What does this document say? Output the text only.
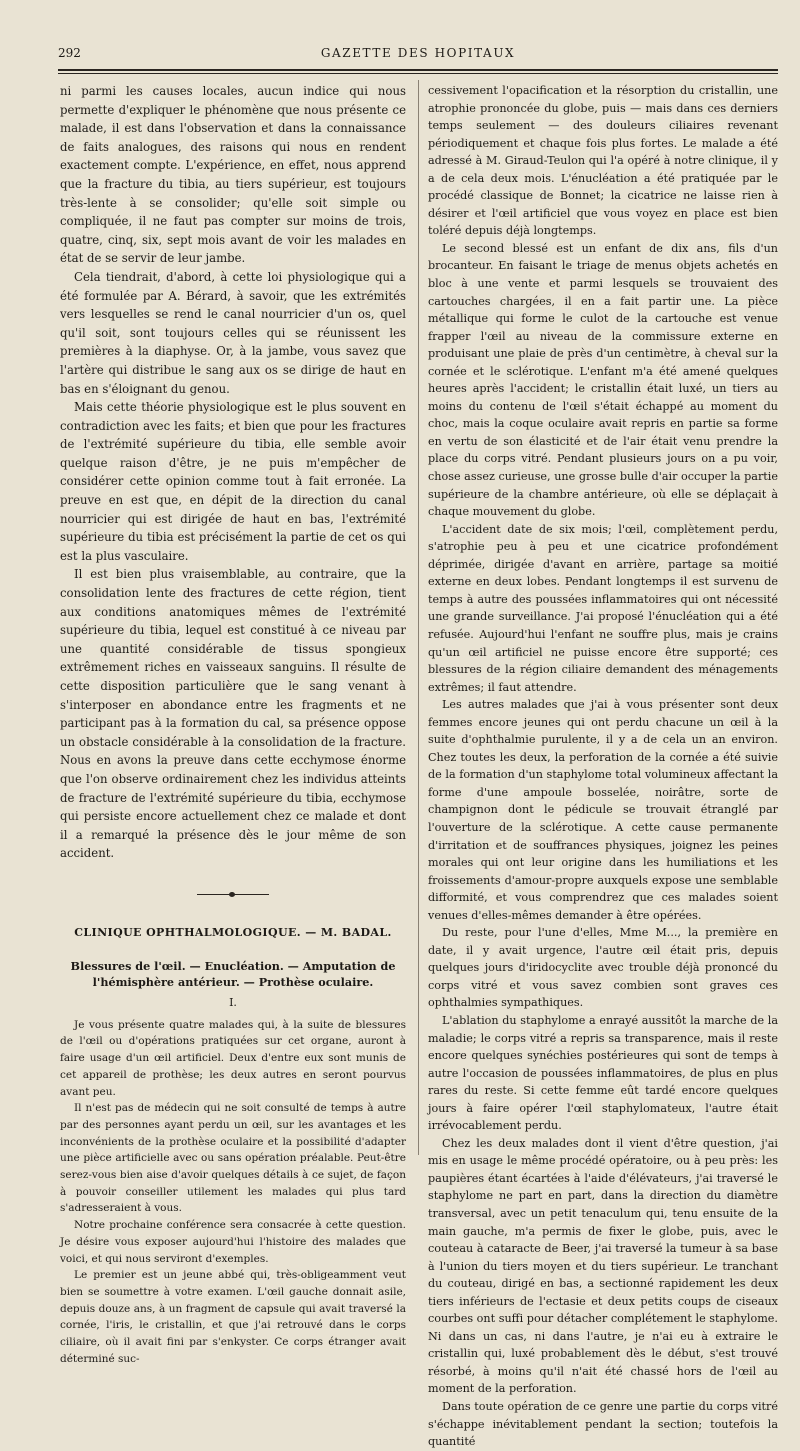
292	GAZETTE DES HOPITAUX

ni parmi les causes locales, aucun indice qui nous permette d'expliquer le phénomène que nous présente ce malade, il est dans l'observation et dans la connaissance de faits analogues, des raisons qui nous en rendent exactement compte. L'expérience, en effet, nous apprend que la fracture du tibia, au tiers supérieur, est toujours très-lente à se consolider; qu'elle soit simple ou compliquée, il ne faut pas compter sur moins de trois, quatre, cinq, six, sept mois avant de voir les malades en état de se servir de leur jambe.

Cela tiendrait, d'abord, à cette loi physiologique qui a été formulée par A. Bérard, à savoir, que les extrémités vers lesquelles se rend le canal nourricier d'un os, quel qu'il soit, sont toujours celles qui se réunissent les premières à la diaphyse. Or, à la jambe, vous savez que l'artère qui distribue le sang aux os se dirige de haut en bas en s'éloignant du genou.

Mais cette théorie physiologique est le plus souvent en contradiction avec les faits; et bien que pour les fractures de l'extrémité supérieure du tibia, elle semble avoir quelque raison d'être, je ne puis m'empêcher de considérer cette opinion comme tout à fait erronée. La preuve en est que, en dépit de la direction du canal nourricier qui est dirigée de haut en bas, l'extrémité supérieure du tibia est précisément la partie de cet os qui est la plus vasculaire.

Il est bien plus vraisemblable, au contraire, que la consolidation lente des fractures de cette région, tient aux conditions anatomiques mêmes de l'extrémité supérieure du tibia, lequel est constitué à ce niveau par une quantité considérable de tissus spongieux extrêmement riches en vaisseaux sanguins. Il résulte de cette disposition particulière que le sang venant à s'interposer en abondance entre les fragments et ne participant pas à la formation du cal, sa présence oppose un obstacle considérable à la consolidation de la fracture. Nous en avons la preuve dans cette ecchymose énorme que l'on observe ordinairement chez les individus atteints de fracture de l'extrémité supérieure du tibia, ecchymose qui persiste encore actuellement chez ce malade et dont il a remarqué la présence dès le jour même de son accident.

CLINIQUE OPHTHALMOLOGIQUE. — M. BADAL.
Blessures de l'œil. — Enucléation. — Amputation de l'hémisphère antérieur. — Prothèse oculaire.
I.

Je vous présente quatre malades qui, à la suite de blessures de l'œil ou d'opérations pratiquées sur cet organe, auront à faire usage d'un œil artificiel. Deux d'entre eux sont munis de cet appareil de prothèse; les deux autres en seront pourvus avant peu.

Il n'est pas de médecin qui ne soit consulté de temps à autre par des personnes ayant perdu un œil, sur les avantages et les inconvénients de la prothèse oculaire et la possibilité d'adapter une pièce artificielle avec ou sans opération préalable. Peut-être serez-vous bien aise d'avoir quelques détails à ce sujet, de façon à pouvoir conseiller utilement les malades qui plus tard s'adresseraient à vous.

Notre prochaine conférence sera consacrée à cette question. Je désire vous exposer aujourd'hui l'histoire des malades que voici, et qui nous serviront d'exemples.

Le premier est un jeune abbé qui, très-obligeamment veut bien se soumettre à votre examen. L'œil gauche donnait asile, depuis douze ans, à un fragment de capsule qui avait traversé la cornée, l'iris, le cristallin, et que j'ai retrouvé dans le corps ciliaire, où il avait fini par s'enkyster. Ce corps étranger avait déterminé suc-

cessivement l'opacification et la résorption du cristallin, une atrophie prononcée du globe, puis — mais dans ces derniers temps seulement — des douleurs ciliaires revenant périodiquement et chaque fois plus fortes. Le malade a été adressé à M. Giraud-Teulon qui l'a opéré à notre clinique, il y a de cela deux mois. L'énucléation a été pratiquée par le procédé classique de Bonnet; la cicatrice ne laisse rien à désirer et l'œil artificiel que vous voyez en place est bien toléré depuis déjà longtemps.

Le second blessé est un enfant de dix ans, fils d'un brocanteur. En faisant le triage de menus objets achetés en bloc à une vente et parmi lesquels se trouvaient des cartouches chargées, il en a fait partir une. La pièce métallique qui forme le culot de la cartouche est venue frapper l'œil au niveau de la commissure externe en produisant une plaie de près d'un centimètre, à cheval sur la cornée et le sclérotique. L'enfant m'a été amené quelques heures après l'accident; le cristallin était luxé, un tiers au moins du contenu de l'œil s'était échappé au moment du choc, mais la coque oculaire avait repris en partie sa forme en vertu de son élasticité et de l'air était venu prendre la place du corps vitré. Pendant plusieurs jours on a pu voir, chose assez curieuse, une grosse bulle d'air occuper la partie supérieure de la chambre antérieure, où elle se déplaçait à chaque mouvement du globe.

L'accident date de six mois; l'œil, complètement perdu, s'atrophie peu à peu et une cicatrice profondément déprimée, dirigée d'avant en arrière, partage sa moitié externe en deux lobes. Pendant longtemps il est survenu de temps à autre des poussées inflammatoires qui ont nécessité une grande surveillance. J'ai proposé l'énucléation qui a été refusée. Aujourd'hui l'enfant ne souffre plus, mais je crains qu'un œil artificiel ne puisse encore être supporté; ces blessures de la région ciliaire demandent des ménagements extrêmes; il faut attendre.

Les autres malades que j'ai à vous présenter sont deux femmes encore jeunes qui ont perdu chacune un œil à la suite d'ophthalmie purulente, il y a de cela un an environ. Chez toutes les deux, la perforation de la cornée a été suivie de la formation d'un staphylome total volumineux affectant la forme d'une ampoule bosselée, noirâtre, sorte de champignon dont le pédicule se trouvait étranglé par l'ouverture de la sclérotique. A cette cause permanente d'irritation et de souffrances physiques, joignez les peines morales qui ont leur origine dans les humiliations et les froissements d'amour-propre auxquels expose une semblable difformité, et vous comprendrez que ces malades soient venues d'elles-mêmes demander à être opérées.

Du reste, pour l'une d'elles, Mme M..., la première en date, il y avait urgence, l'autre œil était pris, depuis quelques jours d'iridocyclite avec trouble déjà prononcé du corps vitré et vous savez combien sont graves ces ophthalmies sympathiques.

L'ablation du staphylome a enrayé aussitôt la marche de la maladie; le corps vitré a repris sa transparence, mais il reste encore quelques synéchies postérieures qui sont de temps à autre l'occasion de poussées inflammatoires, de plus en plus rares du reste. Si cette femme eût tardé encore quelques jours à faire opérer l'œil staphylomateux, l'autre était irrévocablement perdu.

Chez les deux malades dont il vient d'être question, j'ai mis en usage le même procédé opératoire, ou à peu près: les paupières étant écartées à l'aide d'élévateurs, j'ai traversé le staphylome ne part en part, dans la direction du diamètre transversal, avec un petit tenaculum qui, tenu ensuite de la main gauche, m'a permis de fixer le globe, puis, avec le couteau à cataracte de Beer, j'ai traversé la tumeur à sa base à l'union du tiers moyen et du tiers supérieur. Le tranchant du couteau, dirigé en bas, a sectionné rapidement les deux tiers inférieurs de l'ectasie et deux petits coups de ciseaux courbes ont suffi pour détacher complétement le staphylome. Ni dans un cas, ni dans l'autre, je n'ai eu à extraire le cristallin qui, luxé probablement dès le début, s'est trouvé résorbé, à moins qu'il n'ait été chassé hors de l'œil au moment de la perforation.

Dans toute opération de ce genre une partie du corps vitré s'échappe inévitablement pendant la section; toutefois la quantité
